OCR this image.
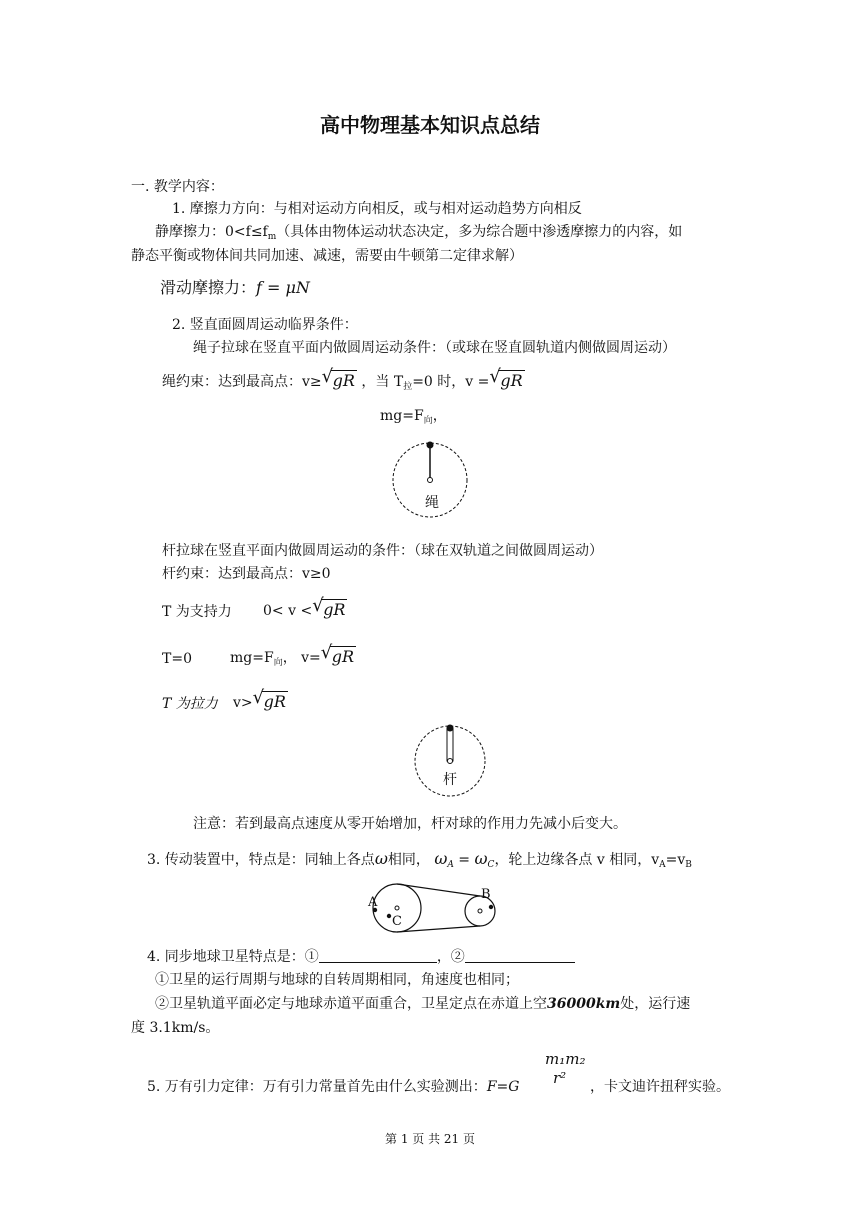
高中物理基本知识点总结
一. 教学内容：
1. 摩擦力方向：与相对运动方向相反，或与相对运动趋势方向相反
静摩擦力：$0<f\le f_m$（具体由物体运动状态决定，多为综合题中渗透摩擦力的内容，如
静态平衡或物体间共同加速、减速，需要由牛顿第二定律求解）
滑动摩擦力：f = μN
2. 竖直面圆周运动临界条件：
绳子拉球在竖直平面内做圆周运动条件：（或球在竖直圆轨道内侧做圆周运动）
绳约束：达到最高点：v≥ √ gR ，当 $T_拉=0$ 时，v = √ gR
$mg=F_向$，
绳
杆拉球在竖直平面内做圆周运动的条件：（球在双轨道之间做圆周运动）
杆约束：达到最高点：v≥0
T 为支持力 0< v < √ gR
T=0	$mg=F_向$， v= √ gR
T 为拉力 v> √ gR
杆
注意：若到最高点速度从零开始增加，杆对球的作用力先减小后变大。
3. 传动装置中，特点是：同轴上各点ω相同， $\omega_A = \omega_C$，轮上边缘各点 v 相同，$v_A=v_B$
A
C
B
4. 同步地球卫星特点是：①	，②
①卫星的运行周期与地球的自转周期相同，角速度也相同；
②卫星轨道平面必定与地球赤道平面重合，卫星定点在赤道上空36000km处，运行速
度 3.1km/s。
m₁m₂
r²
5. 万有引力定律：万有引力常量首先由什么实验测出：F=G	，卡文迪许扭秤实验。
第 1 页 共 21 页
